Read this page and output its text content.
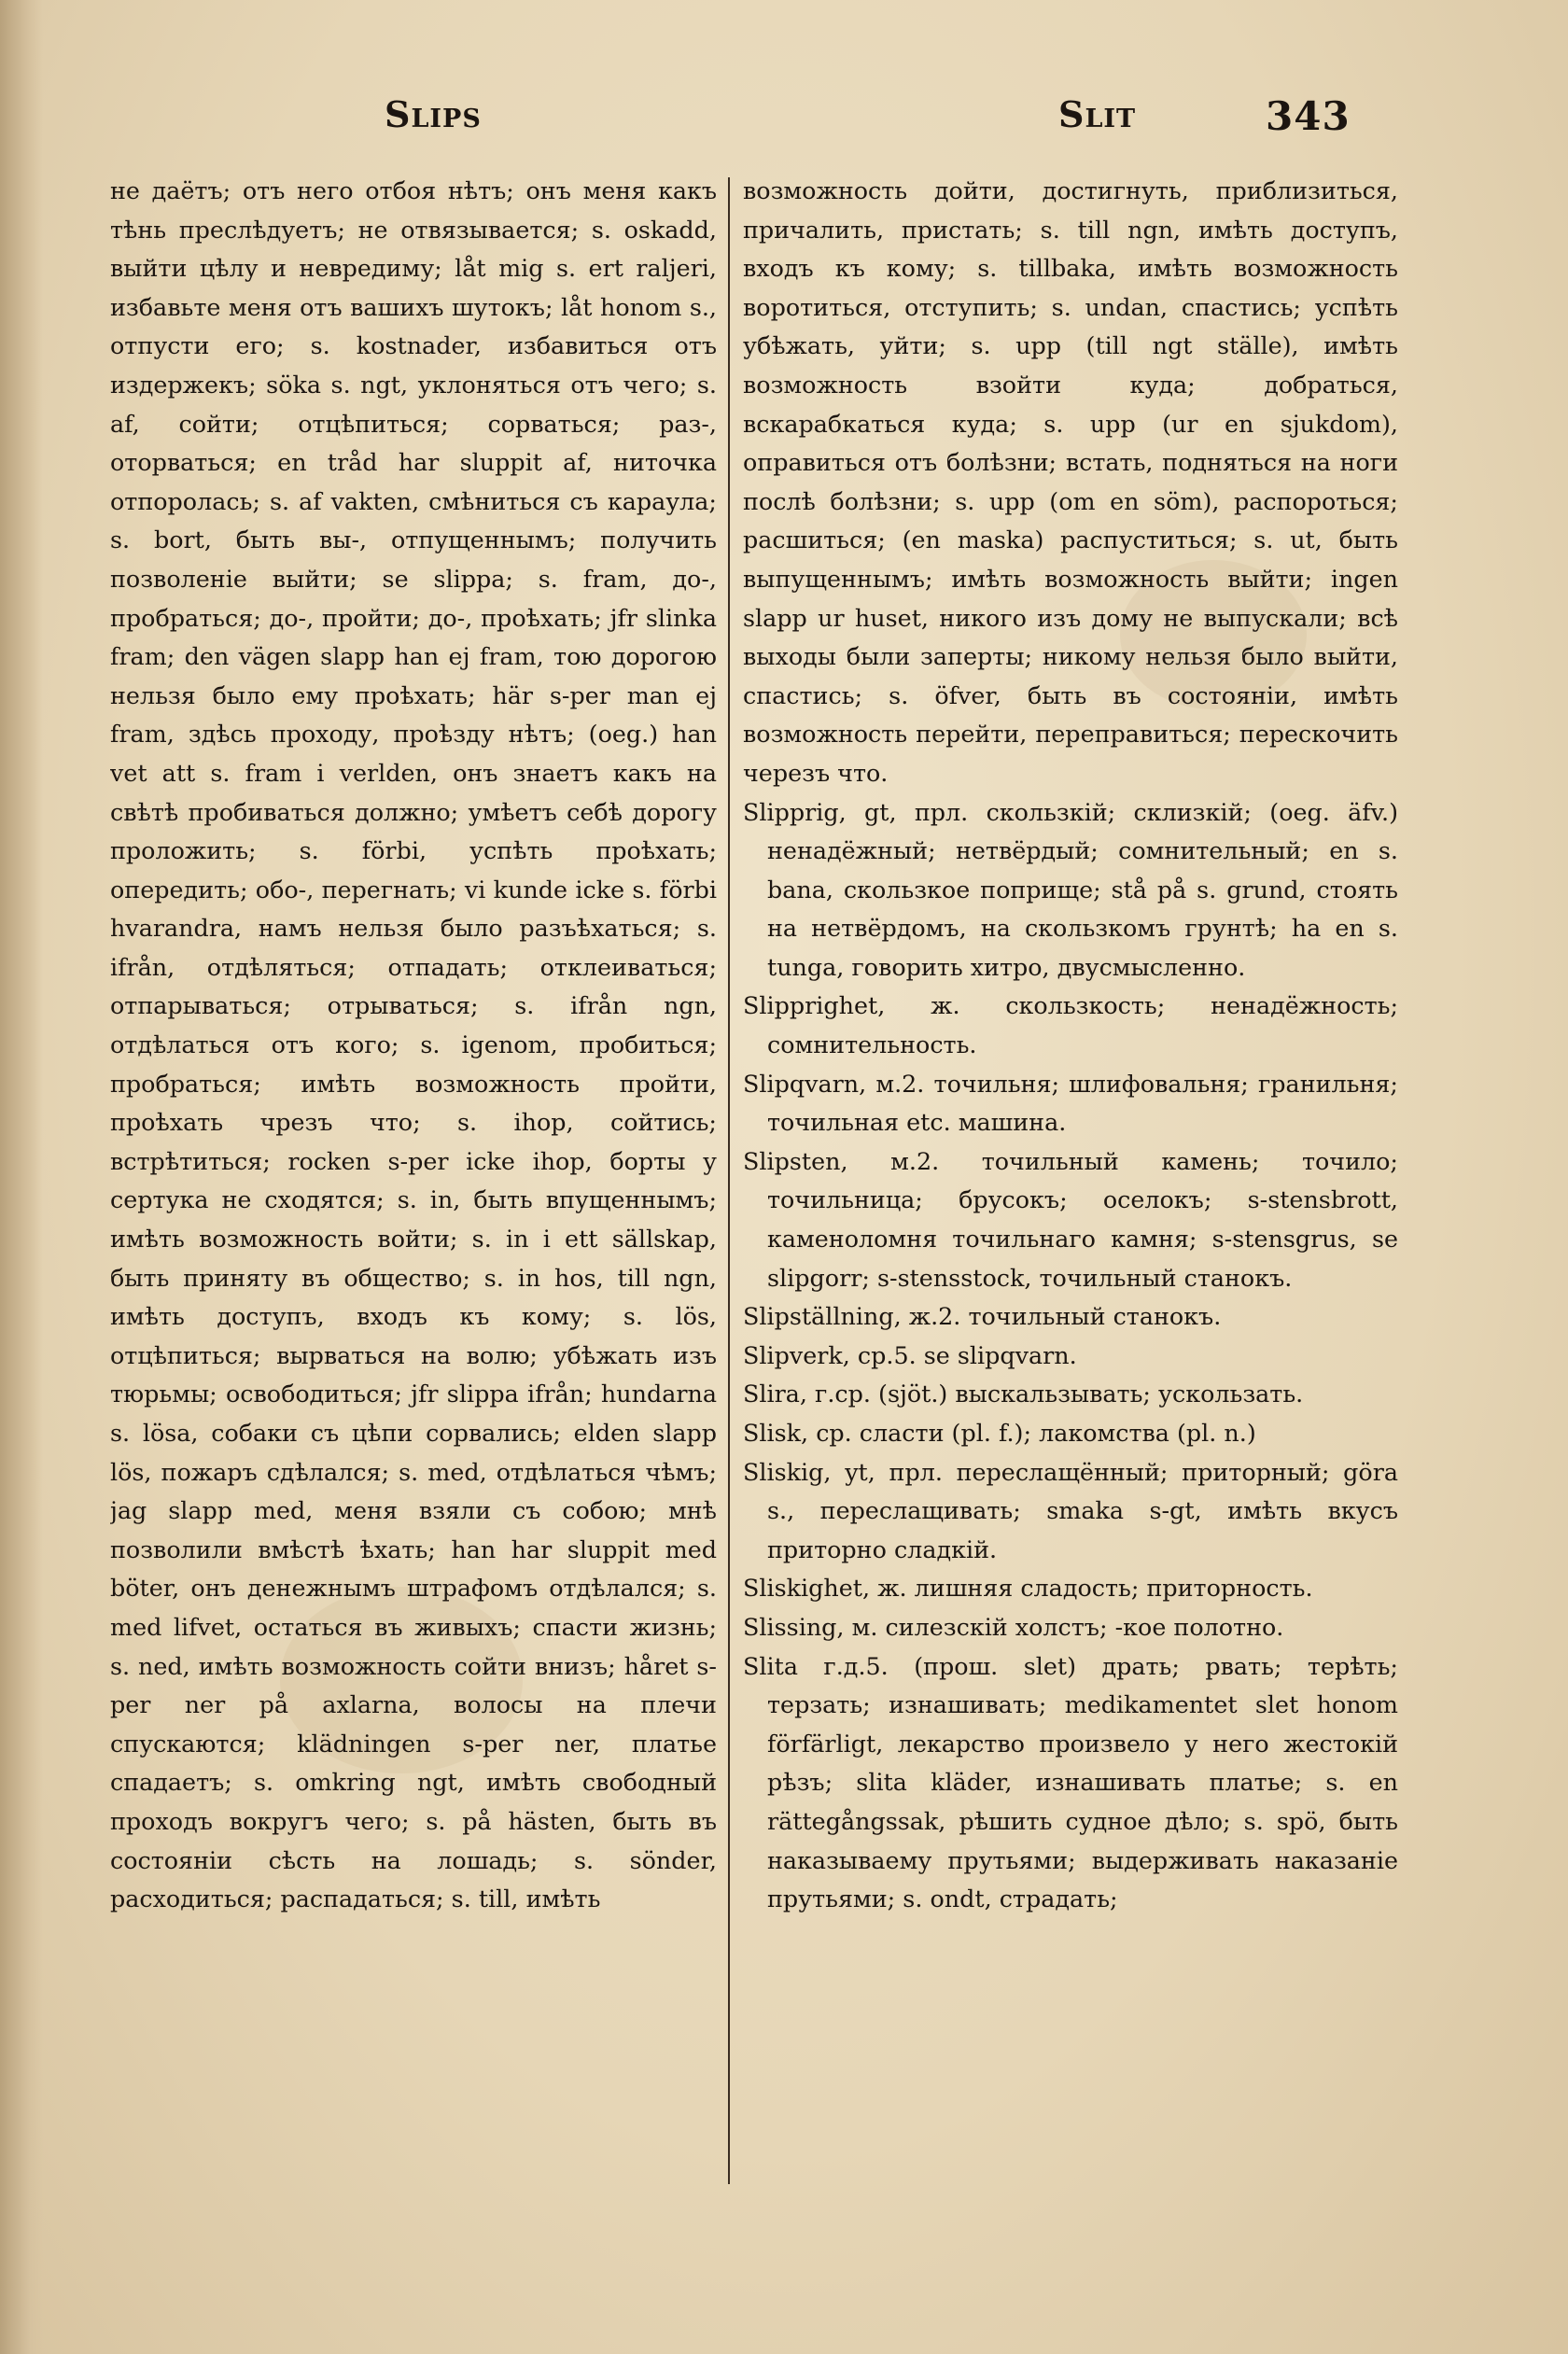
Slips	Slit	343

не даётъ; отъ него отбоя нѣтъ; онъ меня какъ тѣнь преслѣдуетъ; не отвязывается; s. oskadd, выйти цѣлу и невредиму; låt mig s. ert raljeri, избавьте меня отъ вашихъ шутокъ; låt honom s., отпусти его; s. kostnader, избавиться отъ издержекъ; söka s. ngt, уклоняться отъ чего; s. af, сойти; отцѣпиться; сорваться; раз-, оторваться; en tråd har sluppit af, ниточка отпоролась; s. af vakten, смѣниться съ караула; s. bort, быть вы-, отпущеннымъ; получить позволеніе выйти; se slippa; s. fram, до-, пробраться; до-, пройти; до-, проѣхать; jfr slinka fram; den vägen slapp han ej fram, тою дорогою нельзя было ему проѣхать; här s-per man ej fram, здѣсь проходу, проѣзду нѣтъ; (oeg.) han vet att s. fram i verlden, онъ знаетъ какъ на свѣтѣ пробиваться должно; умѣетъ себѣ дорогу проложить; s. förbi, успѣть проѣхать; опередить; обо-, перегнать; vi kunde icke s. förbi hvarandra, намъ нельзя было разъѣхаться; s. ifrån, отдѣляться; отпадать; отклеиваться; отпарываться; отрываться; s. ifrån ngn, отдѣлаться отъ кого; s. igenom, пробиться; пробраться; имѣть возможность пройти, проѣхать чрезъ что; s. ihop, сойтись; встрѣтиться; rocken s-per icke ihop, борты у сертука не сходятся; s. in, быть впущеннымъ; имѣть возможность войти; s. in i ett sällskap, быть приняту въ общество; s. in hos, till ngn, имѣть доступъ, входъ къ кому; s. lös, отцѣпиться; вырваться на волю; убѣжать изъ тюрьмы; освободиться; jfr slippa ifrån; hundarna s. lösa, собаки съ цѣпи сорвались; elden slapp lös, пожаръ сдѣлался; s. med, отдѣлаться чѣмъ; jag slapp med, меня взяли съ собою; мнѣ позволили вмѣстѣ ѣхать; han har sluppit med böter, онъ денежнымъ штрафомъ отдѣлался; s. med lifvet, остаться въ живыхъ; спасти жизнь; s. ned, имѣть возможность сойти внизъ; håret s-per ner på axlarna, волосы на плечи спускаются; klädningen s-per ner, платье спадаетъ; s. omkring ngt, имѣть свободный проходъ вокругъ чего; s. på hästen, быть въ состояніи сѣсть на лошадь; s. sönder, расходиться; распадаться; s. till, имѣть

возможность дойти, достигнуть, приблизиться, причалить, пристать; s. till ngn, имѣть доступъ, входъ къ кому; s. tillbaka, имѣть возможность воротиться, отступить; s. undan, спастись; успѣть убѣжать, уйти; s. upp (till ngt ställe), имѣть возможность взойти куда; добраться, вскарабкаться куда; s. upp (ur en sjukdom), оправиться отъ болѣзни; встать, подняться на ноги послѣ болѣзни; s. upp (om en söm), распороться; расшиться; (en maska) распуститься; s. ut, быть выпущеннымъ; имѣть возможность выйти; ingen slapp ur huset, никого изъ дому не выпускали; всѣ выходы были заперты; никому нельзя было выйти, спастись; s. öfver, быть въ состояніи, имѣть возможность перейти, переправиться; перескочить черезъ что.

Slipprig, gt, прл. скользкій; склизкій; (oeg. äfv.) ненадёжный; нетвёрдый; сомнительный; en s. bana, скользкое поприще; stå på s. grund, стоять на нетвёрдомъ, на скользкомъ грунтѣ; ha en s. tunga, говорить хитро, двусмысленно.

Slipprighet, ж. скользкость; ненадёжность; сомнительность.

Slipqvarn, м.2. точильня; шлифовальня; гранильня; точильная etc. машина.

Slipsten, м.2. точильный камень; точило; точильница; брусокъ; оселокъ; s-stensbrott, каменоломня точильнаго камня; s-stensgrus, se slipgorr; s-stensstock, точильный станокъ.

Slipställning, ж.2. точильный станокъ.

Slipverk, ср.5. se slipqvarn.

Slira, г.ср. (sjöt.) выскальзывать; ускользать.

Slisk, ср. сласти (pl. f.); лакомства (pl. n.)

Sliskig, yt, прл. переслащённый; приторный; göra s., переслащивать; smaka s-gt, имѣть вкусъ приторно сладкій.

Sliskighet, ж. лишняя сладость; приторность.

Slissing, м. силезскій холстъ; -кое полотно.

Slita г.д.5. (прош. slet) драть; рвать; терѣть; терзать; изнашивать; medikamentet slet honom förfärligt, лекарство произвело у него жестокій рѣзъ; slita kläder, изнашивать платье; s. en rättegångssak, рѣшить судное дѣло; s. spö, быть наказываему прутьями; выдерживать наказаніе прутьями; s. ondt, страдать;
